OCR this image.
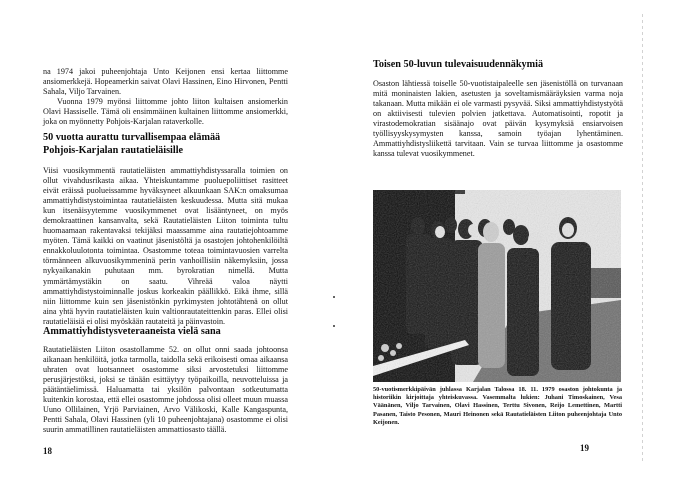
na 1974 jakoi puheenjohtaja Unto Keijonen ensi kertaa liittomme ansiomerkkejä. Hopeamerkin saivat Olavi Hassinen, Eino Hirvonen, Pentti Sahala, Viljo Tarvainen.

Vuonna 1979 myönsi liittomme johto liiton kultaisen ansiomerkin Olavi Hassiselle. Tämä oli ensimmäinen kultainen liittomme ansiomerkki, joka on myönnetty Pohjois-Karjalan rataverkolle.

50 vuotta aurattu turvallisempaa elämää
Pohjois-Karjalan rautatieläisille

Viisi vuosikymmentä rautatieläisten ammattiyhdistyssaralla toimien on ollut vivahdusrikasta aikaa. Yhteiskuntamme puoluepoliittiset rasitteet eivät eräissä puolueissamme hyväksyneet alkuunkaan SAK:n omaksumaa ammattiyhdistystoimintaa rautatieläisten keskuudessa. Mutta sitä mukaa kun itsenäisyytemme vuosikymmenet ovat lisääntyneet, on myös demokraattinen kansanvalta, sekä Rautatieläisten Liiton toiminta tultu huomaamaan rakentavaksi tekijäksi maassamme aina rautatiejohtoamme myöten. Tämä kaikki on vaatinut jäsenistöltä ja osastojen johtohenkilöiltä ennakkoluulotonta toimintaa. Osastomme toteaa toimintavuosien varrelta törmänneen alkuvuosikymmeninä perin vanhoillisiin näkemyksiin, jossa nykyaikanakin puhutaan mm. byrokratian nimellä. Mutta ymmärtämystäkin on saatu. Vihreää valoa näytti ammattiyhdistystoiminnalle joskus korkeakin päällikkö. Eikä ihme, sillä niin liittomme kuin sen jäsenistönkin pyrkimysten johtotähtenä on ollut aina yhtä hyvin rautatieläisten kuin valtionrautateittenkin paras. Ellei olisi rautatieläisiä ei olisi myöskään rautateitä ja päinvastoin.

Ammattiyhdistysveteraaneista vielä sana

Rautatieläisten Liiton osastollamme 52. on ollut onni saada johtoonsa aikanaan henkilöitä, jotka tarmolla, taidolla sekä erikoisesti omaa aikaansa uhraten ovat luotsanneet osastomme siksi arvostetuksi liittomme perusjärjestöksi, joksi se tänään esittäytyy työpaikoilla, neuvotteluissa ja päätäntäelimissä. Haluamatta tai yksilön palvontaan sotkeutumatta kuitenkin korostaa, että ellei osastomme johdossa olisi olleet muun muassa Uuno Ollilainen, Yrjö Parviainen, Arvo Välikoski, Kalle Kangaspunta, Pentti Sahala, Olavi Hassinen (yli 10 puheenjohtajana) osastomme ei olisi suurin ammatillinen rautatieläisten ammattiosasto täällä.

18
Toisen 50-luvun tulevaisuudennäkymiä

Osaston lähtiessä toiselle 50-vuotistaipaleelle sen jäsenistöllä on turvanaan mitä moninaisten lakien, asetusten ja soveltamismääräyksien varma noja takanaan. Mutta mikään ei ole varmasti pysyvää. Siksi ammattiyhdistystyötä on aktiivisesti tulevien polvien jatkettava. Automatisointi, ropotit ja virastodemokratian sisäänajo ovat päivän kysymyksiä ensiarvoisen työllisyyskysymysten kanssa, samoin työajan lyhentäminen. Ammattiyhdistysliikettä tarvitaan. Vain se turvaa liittomme ja osastomme kanssa tulevat vuosikymmenet.

50-vuotismerkkipäivän juhlassa Karjalan Talossa 18. 11. 1979 osaston johtokunta ja historiikin kirjoittaja yhteiskuvassa. Vasemmalta lukien: Juhani Timoskainen, Vesa Väänänen, Viljo Tarvainen, Olavi Hassinen, Terttu Sivonen, Reijo Lemettinen, Martti Pasanen, Taisto Pesonen, Mauri Heinonen sekä Rautatieläisten Liiton puheenjohtaja Unto Keijonen.
19
